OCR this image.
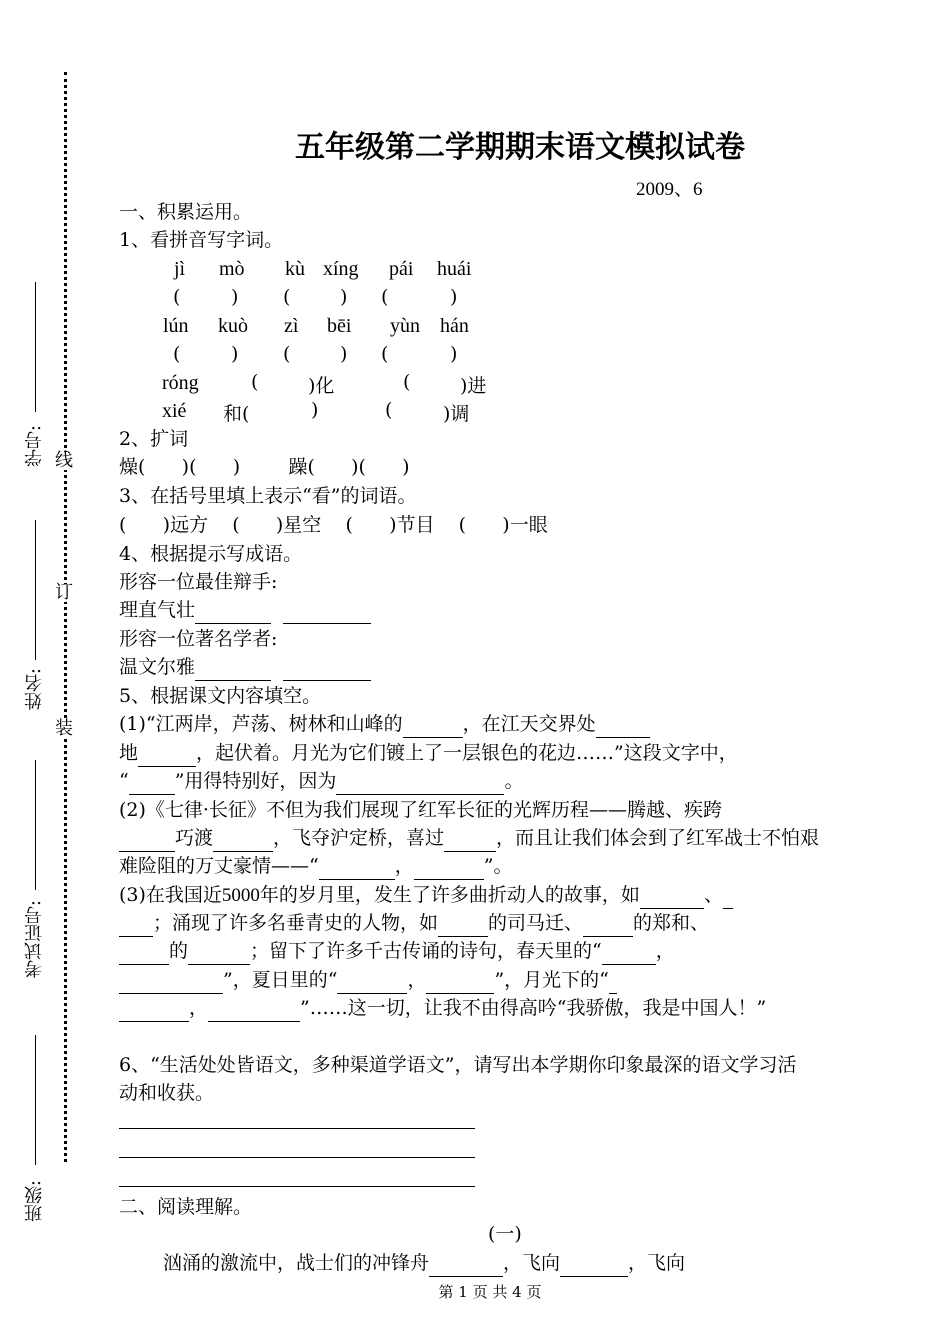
线
订
装
学号:
姓名:
考试证号:
班级:
五年级第二学期期末语文模拟试卷
2009、6
一、积累运用。
1、看拼音写字词。
jì mò kù xíng pái huái
(	) (	) (	)
lún kuò zì bēi yùn hán
(	) (	) (	)
róng	(	)化	(	)进
xié 和(	)	(	)调
2、扩词
燥(      )(      )        躁(      )(      )
3、在括号里填上表示“看”的词语。
(      )远方    (      )星空    (      )节目    (      )一眼
4、根据提示写成语。
形容一位最佳辩手:
理直气壮
形容一位著名学者:
温文尔雅
5、根据课文内容填空。
(1)“江两岸，芦荡、树林和山峰的	，在江天交界处
地	，起伏着。月光为它们镀上了一层银色的花边……”这段文字中，
“ ”用得特别好，因为	。
(2)《七律·长征》不但为我们展现了红军长征的光辉历程——腾越、疾跨
巧渡	，飞夺沪定桥，喜过	，而且让我们体会到了红军战士不怕艰
难险阻的万丈豪情——“	，	”。
(3)在我国近5000年的岁月里，发生了许多曲折动人的故事，如	、
；涌现了许多名垂青史的人物，如	的司马迁、	的郑和、
的	；留下了许多千古传诵的诗句，春天里的“	，
”，夏日里的“	，	”，月光下的“
，	”……这一切，让我不由得高吟“我骄傲，我是中国人！”
6、“生活处处皆语文，多种渠道学语文”，请写出本学期你印象最深的语文学习活
动和收获。
二、阅读理解。
(一)
汹涌的激流中，战士们的冲锋舟	，飞向	，飞向
第 1 页 共 4 页
